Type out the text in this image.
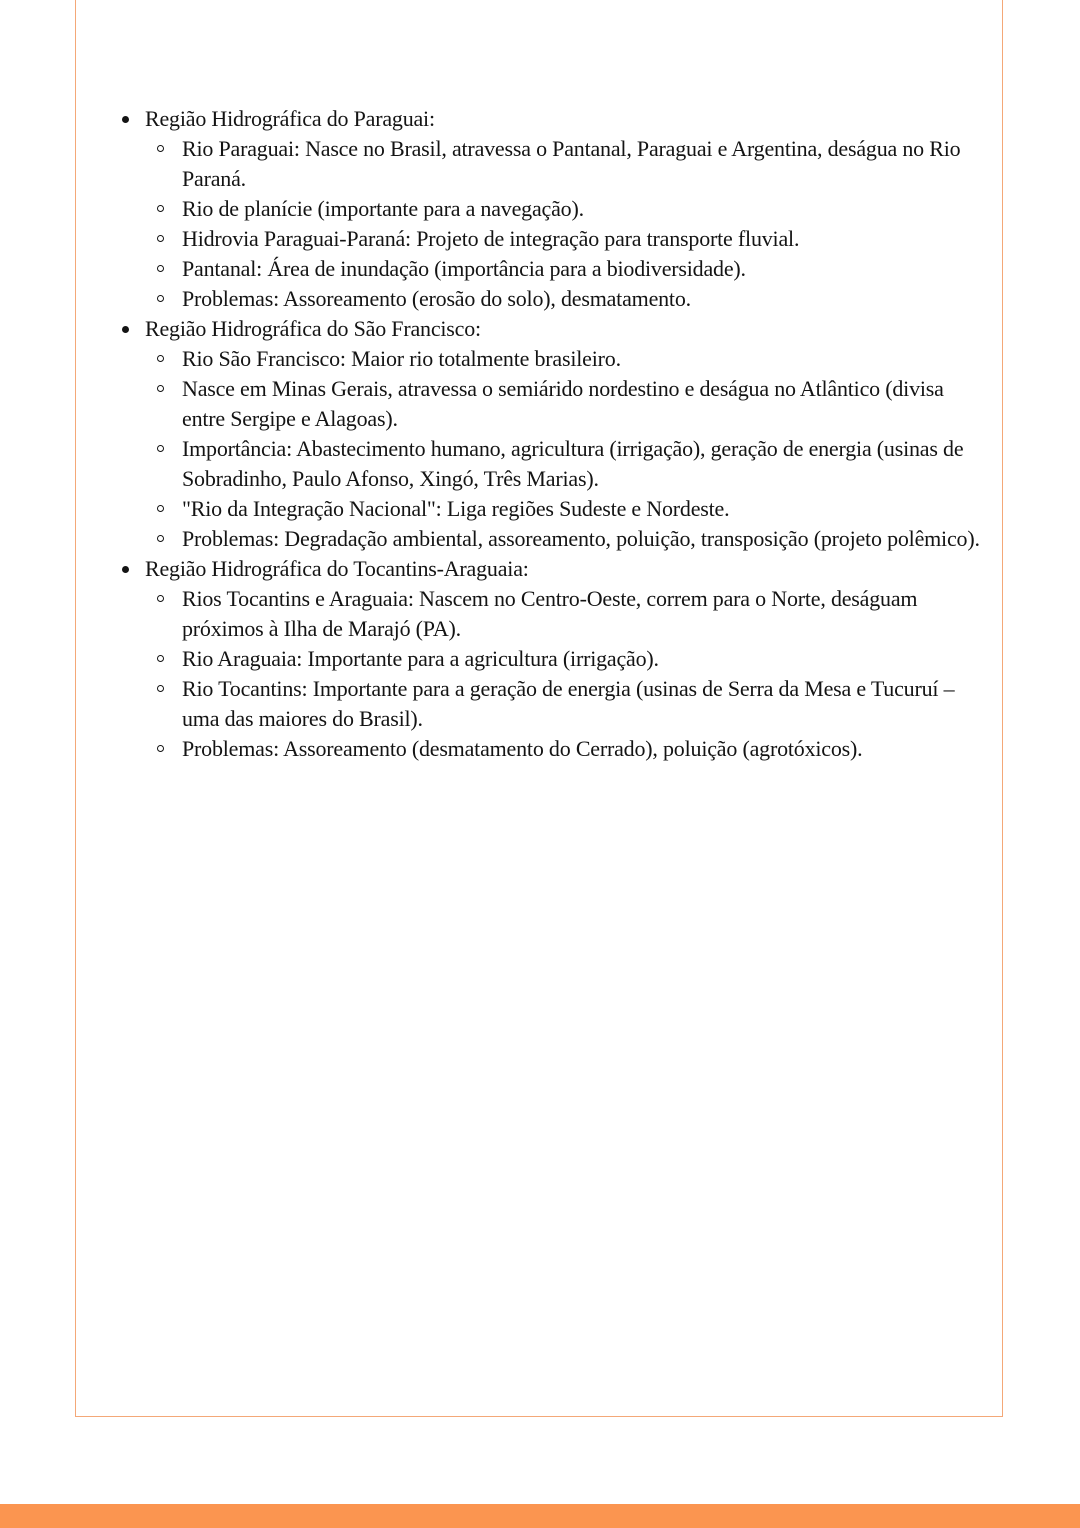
Região Hidrográfica do Paraguai:
Rio Paraguai: Nasce no Brasil, atravessa o Pantanal, Paraguai e Argentina, deságua no Rio Paraná.
Rio de planície (importante para a navegação).
Hidrovia Paraguai-Paraná: Projeto de integração para transporte fluvial.
Pantanal: Área de inundação (importância para a biodiversidade).
Problemas: Assoreamento (erosão do solo), desmatamento.
Região Hidrográfica do São Francisco:
Rio São Francisco: Maior rio totalmente brasileiro.
Nasce em Minas Gerais, atravessa o semiárido nordestino e deságua no Atlântico (divisa entre Sergipe e Alagoas).
Importância: Abastecimento humano, agricultura (irrigação), geração de energia (usinas de Sobradinho, Paulo Afonso, Xingó, Três Marias).
"Rio da Integração Nacional": Liga regiões Sudeste e Nordeste.
Problemas: Degradação ambiental, assoreamento, poluição, transposição (projeto polêmico).
Região Hidrográfica do Tocantins-Araguaia:
Rios Tocantins e Araguaia: Nascem no Centro-Oeste, correm para o Norte, deságuam próximos à Ilha de Marajó (PA).
Rio Araguaia: Importante para a agricultura (irrigação).
Rio Tocantins: Importante para a geração de energia (usinas de Serra da Mesa e Tucuruí – uma das maiores do Brasil).
Problemas: Assoreamento (desmatamento do Cerrado), poluição (agrotóxicos).
